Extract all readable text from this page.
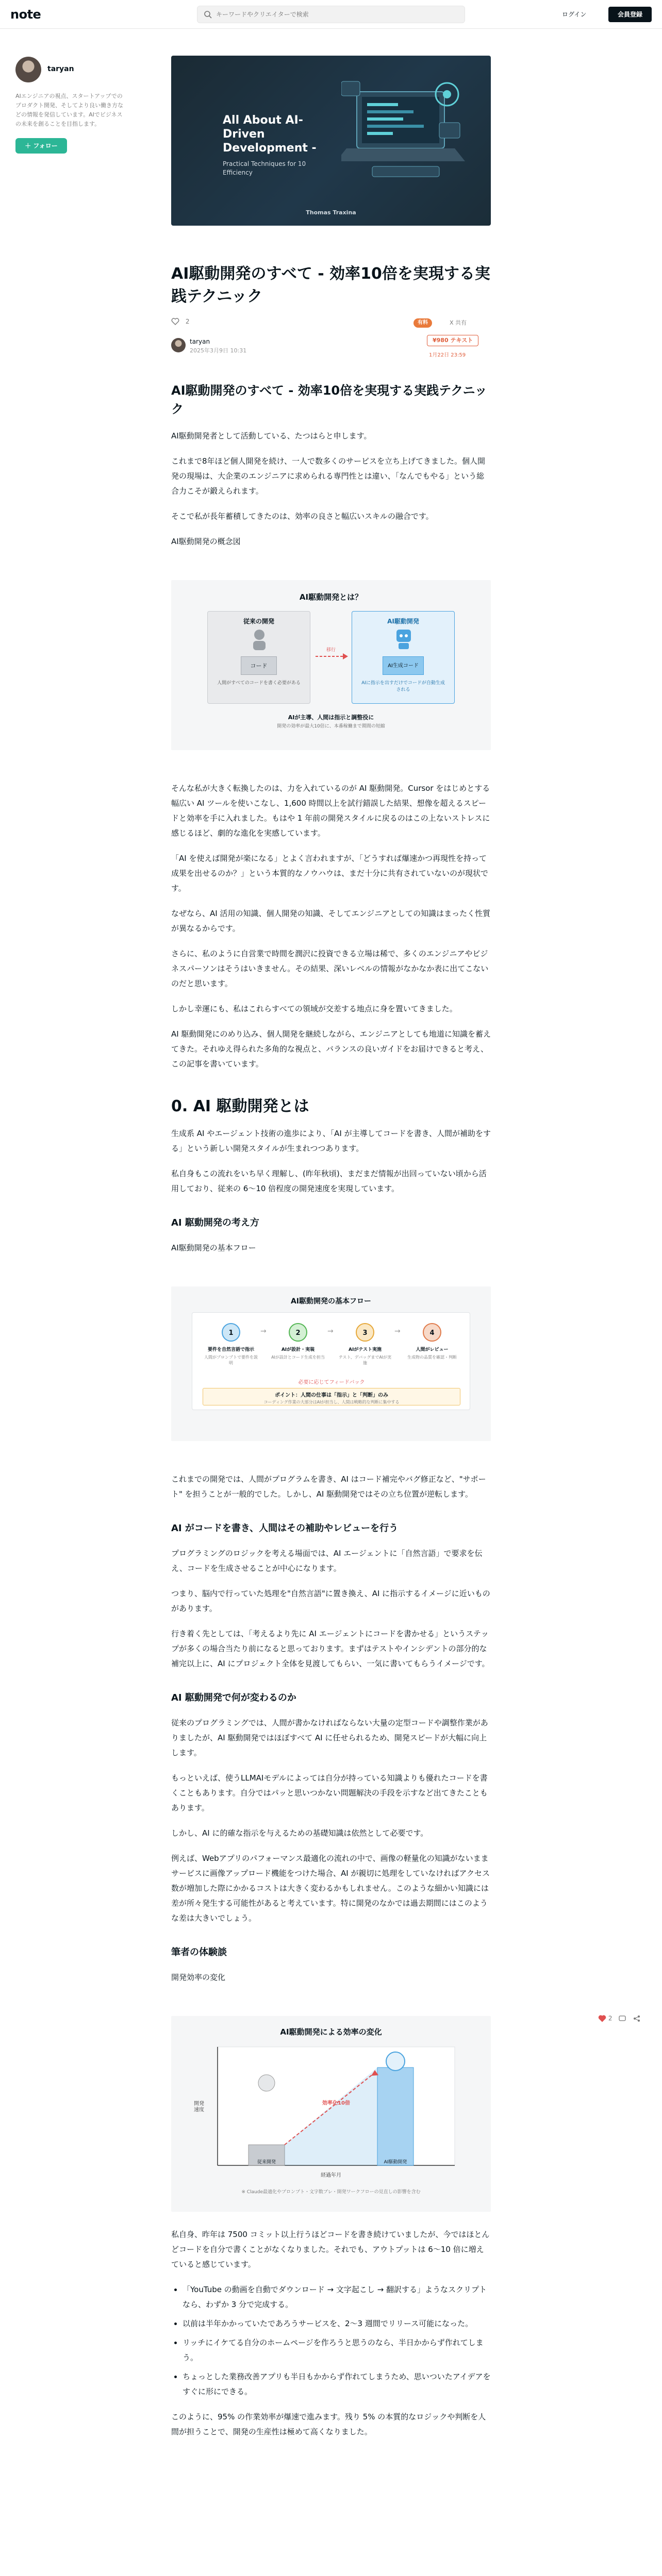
note
キーワードやクリエイターで検索	ログイン	会員登録
taryan
AIエンジニアの視点、スタートアップでのプロダクト開発、そしてより良い働き方などの情報を発信しています。AIでビジネスの未来を創ることを目指します。
＋ フォロー
All About AI-Driven Development -
Practical Techniques for 10 Efficiency
Thomas Traxina
AI駆動開発のすべて - 効率10倍を実現する実践テクニック
2	有料	X 共有
taryan
2025年3月9日 10:31
¥980 テキスト
1月22日 23:59
AI駆動開発のすべて - 効率10倍を実現する実践テクニック
AI駆動開発者として活動している、たつはらと申します。
これまで8年ほど個人開発を続け、一人で数多くのサービスを立ち上げてきました。個人開発の現場は、大企業のエンジニアに求められる専門性とは違い、「なんでもやる」という総合力こそが鍛えられます。
そこで私が長年蓄積してきたのは、効率の良さと幅広いスキルの融合です。
AI駆動開発の概念図
AI駆動開発とは？
従来の開発
コード
人間がすべてのコードを書く必要がある
移行
AI駆動開発
AI生成コード
AIに指示を出すだけでコードが自動生成される
AIが主導、人間は指示と調整役に
開発の効率が最大10倍に、本番稼働まで期間の短縮
そんな私が大きく転換したのは、力を入れているのが AI 駆動開発。Cursor をはじめとする幅広い AI ツールを使いこなし、1,600 時間以上を試行錯誤した結果、想像を超えるスピードと効率を手に入れました。もはや 1 年前の開発スタイルに戻るのはこの上ないストレスに感じるほど、劇的な進化を実感しています。
「AI を使えば開発が楽になる」とよく言われますが、「どうすれば爆速かつ再現性を持って成果を出せるのか？」という本質的なノウハウは、まだ十分に共有されていないのが現状です。
なぜなら、AI 活用の知識、個人開発の知識、そしてエンジニアとしての知識はまったく性質が異なるからです。
さらに、私のように自営業で時間を潤沢に投資できる立場は稀で、多くのエンジニアやビジネスパーソンはそうはいきません。その結果、深いレベルの情報がなかなか表に出てこないのだと思います。
しかし幸運にも、私はこれらすべての領域が交差する地点に身を置いてきました。
AI 駆動開発にのめり込み、個人開発を継続しながら、エンジニアとしても地道に知識を蓄えてきた。それゆえ得られた多角的な視点と、バランスの良いガイドをお届けできると考え、この記事を書いています。
0. AI 駆動開発とは
生成系 AI やエージェント技術の進歩により、「AI が主導してコードを書き、人間が補助をする」という新しい開発スタイルが生まれつつあります。
私自身もこの流れをいち早く理解し、(昨年秋頃)、まだまだ情報が出回っていない頃から活用しており、従来の 6〜10 倍程度の開発速度を実現しています。
AI 駆動開発の考え方
AI駆動開発の基本フロー
AI駆動開発の基本フロー
1
要件を自然言語で指示
人間がプロンプトで要件を説明
→	2
AIが設計・実装
AIが設計とコード生成を担当
→	3
AIがテスト実施
テスト、デバッグまでAIが実施
→	4
人間がレビュー
生成物の品質を確認・判断
必要に応じてフィードバック
ポイント：人間の仕事は「指示」と「判断」のみ
コーディング作業の大部分はAIが担当し、人間は戦略的な判断に集中する
これまでの開発では、人間がプログラムを書き、AI はコード補完やバグ修正など、"サポート" を担うことが一般的でした。しかし、AI 駆動開発ではその立ち位置が逆転します。
AI がコードを書き、人間はその補助やレビューを行う
プログラミングのロジックを考える場面では、AI エージェントに「自然言語」で要求を伝え、コードを生成させることが中心になります。
つまり、脳内で行っていた処理を"自然言語"に置き換え、AI に指示するイメージに近いものがあります。
行き着く先としては、「考えるより先に AI エージェントにコードを書かせる」というステップが多くの場合当たり前になると思っております。まずはテストやインシデントの部分的な補完以上に、AI にプロジェクト全体を見渡してもらい、一気に書いてもらうイメージです。
AI 駆動開発で何が変わるのか
従来のプログラミングでは、人間が書かなければならない大量の定型コードや調整作業がありましたが、AI 駆動開発ではほぼすべて AI に任せられるため、開発スピードが大幅に向上します。
もっといえば、使うLLMAIモデルによっては自分が持っている知識よりも優れたコードを書くこともあります。自分ではパッと思いつかない問題解決の手段を示すなど出てきたこともあります。
しかし、AI に的確な指示を与えるための基礎知識は依然として必要です。
例えば、Webアプリのパフォーマンス最適化の流れの中で、画像の軽量化の知識がないままサービスに画像アップロード機能をつけた場合、AI が親切に処理をしていなければアクセス数が増加した際にかかるコストは大きく変わるかもしれません。このような細かい知識には差が所々発生する可能性があると考えています。特に開発のなかでは過去期間にはこのような差は大きいでしょう。
筆者の体験談
開発効率の変化
AI駆動開発による効率の変化
開発速度
経過年月
従来開発	AI駆動開発
効率化10倍
※ Claude最適化やプロンプト・文字数ブレ・開発ワークフローの見直しの影響を含む
私自身、昨年は 7500 コミット以上行うほどコードを書き続けていましたが、今ではほとんどコードを自分で書くことがなくなりました。それでも、アウトプットは 6〜10 倍に増えていると感じています。
• 「YouTube の動画を自動でダウンロード → 文字起こし → 翻訳する」ようなスクリプトなら、わずか 3 分で完成する。
• 以前は半年かかっていたであろうサービスを、2〜3 週間でリリース可能になった。
• リッチにイケてる自分のホームページを作ろうと思うのなら、半日かからず作れてしまう。
• ちょっとした業務改善アプリも半日もかからず作れてしまうため、思いついたアイデアをすぐに形にできる。
このように、95% の作業効率が爆速で進みます。残り 5% の本質的なロジックや判断を人間が担うことで、開発の生産性は極めて高くなりました。
2
